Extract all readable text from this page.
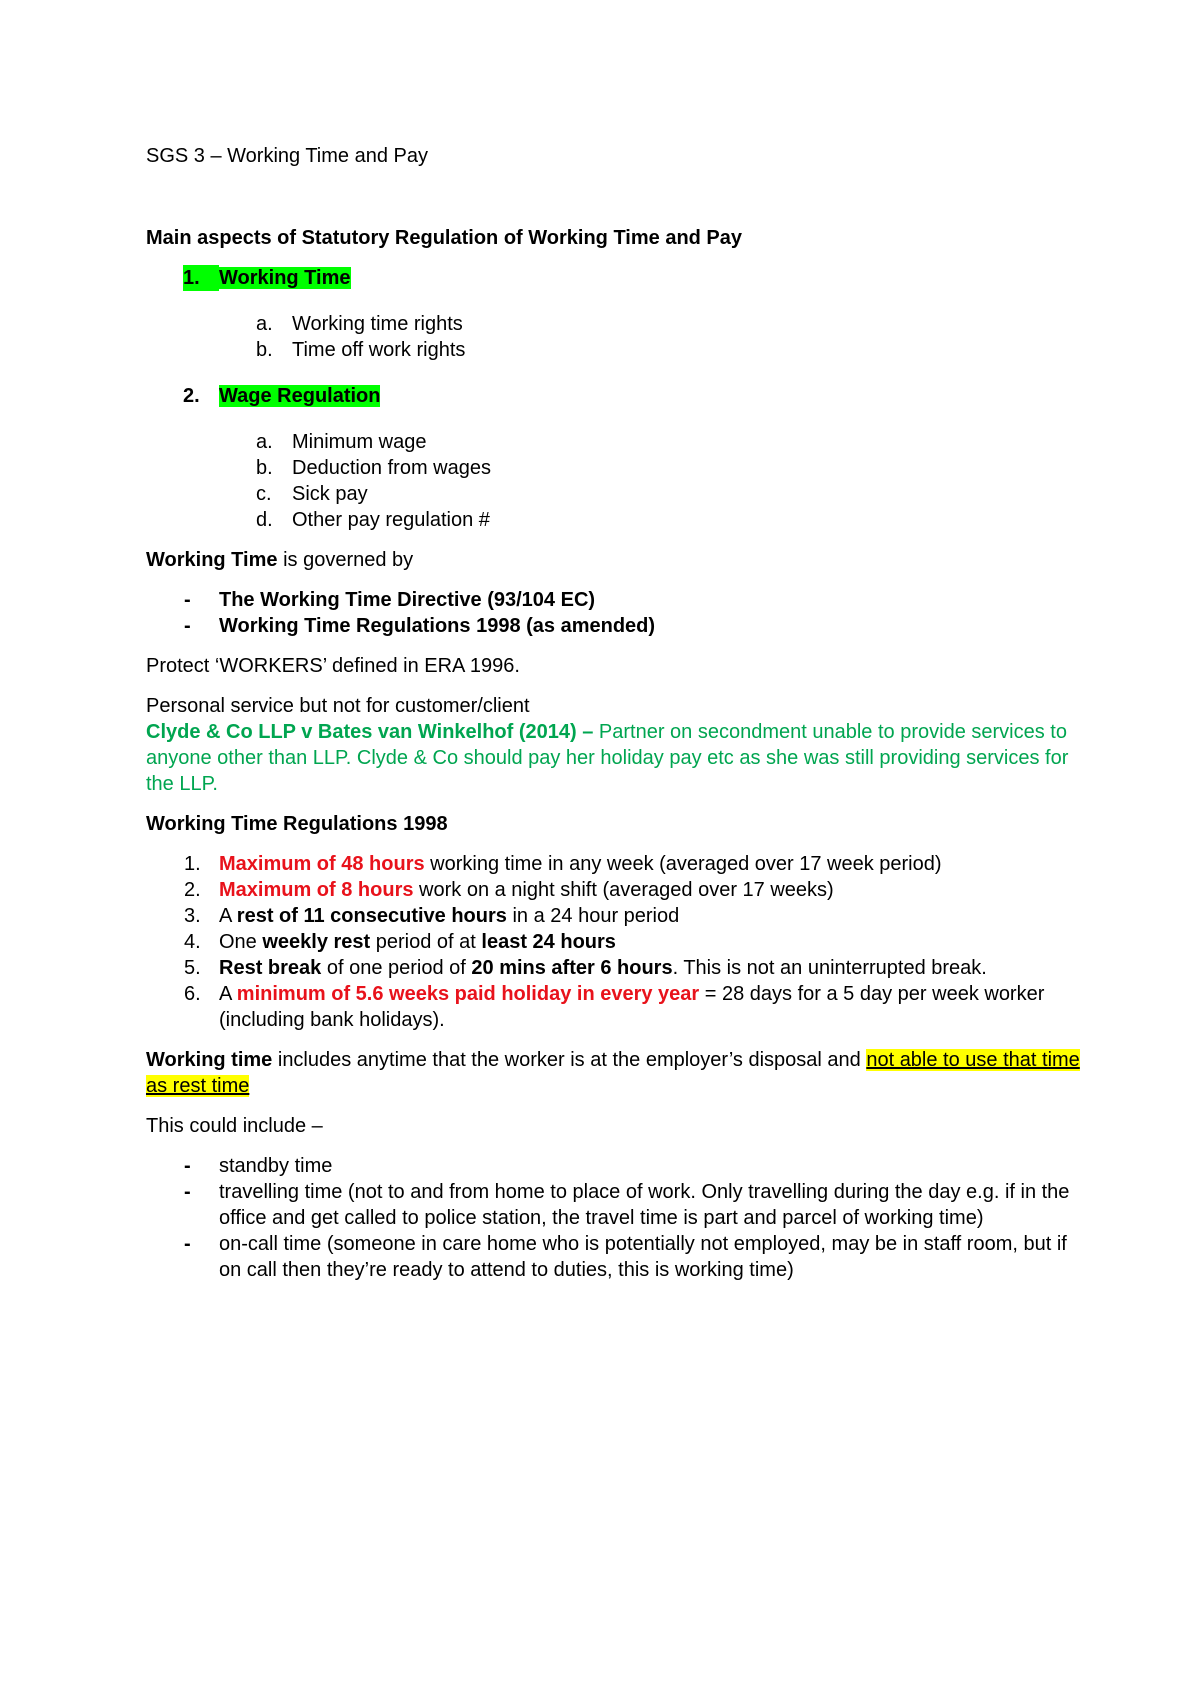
SGS 3 – Working Time and Pay

Main aspects of Statutory Regulation of Working Time and Pay

1. Working Time
a. Working time rights
b. Time off work rights
2. Wage Regulation
a. Minimum wage
b. Deduction from wages
c. Sick pay
d. Other pay regulation #

Working Time is governed by

- The Working Time Directive (93/104 EC)
- Working Time Regulations 1998 (as amended)

Protect ‘WORKERS’ defined in ERA 1996.

Personal service but not for customer/client

Clyde & Co LLP v Bates van Winkelhof (2014) – Partner on secondment unable to provide services to anyone other than LLP. Clyde & Co should pay her holiday pay etc as she was still providing services for the LLP.

Working Time Regulations 1998

1. Maximum of 48 hours working time in any week (averaged over 17 week period)
2. Maximum of 8 hours work on a night shift (averaged over 17 weeks)
3. A rest of 11 consecutive hours in a 24 hour period
4. One weekly rest period of at least 24 hours
5. Rest break of one period of 20 mins after 6 hours. This is not an uninterrupted break.
6. A minimum of 5.6 weeks paid holiday in every year = 28 days for a 5 day per week worker (including bank holidays).

Working time includes anytime that the worker is at the employer’s disposal and not able to use that time as rest time

This could include –

- standby time
- travelling time (not to and from home to place of work. Only travelling during the day e.g. if in the office and get called to police station, the travel time is part and parcel of working time)
- on-call time (someone in care home who is potentially not employed, may be in staff room, but if on call then they’re ready to attend to duties, this is working time)
